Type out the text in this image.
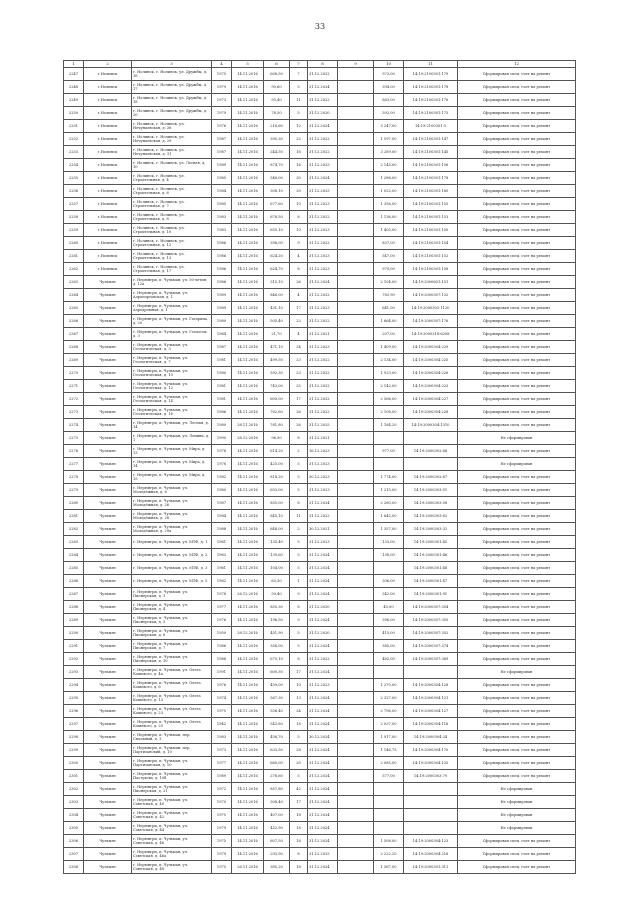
33
1	2	3	4	5	6	7	8	9	10	11	12
2247	г.Нолинск	г. Нолинск, г. Нолинск, ул. Дружбы, д. 16	1975	14.11.2016	608,50	7	31.12.2022		973,00	14:19:2100301:179	Сформирован спец. счет на ремонт
2248	г.Нолинск	г. Нолинск, г. Нолинск, ул. Дружбы, д. 17	1979	14.11.2016	90,60	5	31.12.2024		394,00	14:19:2100301:178	Сформирован спец. счет на ремонт
2249	г.Нолинск	г. Нолинск, г. Нолинск, ул. Дружбы, д. 18	1973	14.11.2016	95,40	11	31.12.2022		863,00	14:19:2100301:176	Сформирован спец. счет на ремонт
2250	г.Нолинск	г. Нолинск, г. Нолинск, ул. Дружбы, д. 20	1979	14.11.2016	78,50	5	31.12.2020		392,00	14:19:2100301:175	Сформирован спец. счет на ремонт
2251	г.Нолинск	г. Нолинск, г. Нолинск, ул. Нечунаевская, д. 26	1976	14.11.2016	218,60	12	31.12.2024		3 247,00	14:19:2100301:5	Сформирован спец. счет на ремонт
2252	г.Нолинск	г. Нолинск, г. Нолинск, ул. Нечунаевская, д. 29	1987	14.11.2016	395,30	22	31.12.2022		1 597,00	14:19:2100301:147	Сформирован спец. счет на ремонт
2253	г.Нолинск	г. Нолинск, г. Нолинск, ул. Нечунаевская, д. 31	1987	14.11.2016	244,50	16	31.12.2022		3 289,00	14:19:2100301:145	Сформирован спец. счет на ремонт
2254	г.Нолинск	г. Нолинск, г. Нолинск, ул. Лесная, д. 10	1989	14.11.2016	874,70	16	31.12.2025		2 145,00	14:19:2100301:156	Сформирован спец. счет на ремонт
2255	г.Нолинск	г. Нолинск, г. Нолинск, ул. Строительная, д. 4	1985	14.11.2016	546,00	30	31.12.2024		1 286,00	14:19:2100301:178	Сформирован спец. счет на ремонт
2256	г.Нолинск	г. Нолинск, г. Нолинск, ул. Строительная, д. 6	1984	14.11.2016	308,10	20	31.12.2025		1 022,00	14:19:2100301:180	Сформирован спец. счет на ремонт
2257	г.Нолинск	г. Нолинск, г. Нолинск, ул. Строительная, д. 7	1985	14.11.2016	677,60	10	31.12.2023		1 356,00	14:19:2100301:155	Сформирован спец. счет на ремонт
2258	г.Нолинск	г. Нолинск, г. Нолинск, ул. Строительная, д. 8	1983	14.11.2016	678,50	8	31.12.2022		1 136,00	14:19:2100301:153	Сформирован спец. счет на ремонт
2259	г.Нолинск	г. Нолинск, г. Нолинск, ул. Строительная, д. 10	1983	14.11.2016	655,10	10	31.12.2023		1 405,00	14:19:2100301:150	Сформирован спец. счет на ремонт
2260	г.Нолинск	г. Нолинск, г. Нолинск, ул. Строительная, д. 12	1986	14.11.2016	396,00	9	31.12.2022		837,00	14:19:2100301:154	Сформирован спец. счет на ремонт
2261	г.Нолинск	г. Нолинск, г. Нолинск, ул. Строительная, д. 13	1986	14.11.2016	624,20	4	31.12.2023		547,00	14:19:2100301:152	Сформирован спец. счет на ремонт
2262	г.Нолинск	г. Нолинск, г. Нолинск, ул. Строительная, д. 17	1986	14.11.2016	624,70	8	31.12.2023		979,00	14:19:2100301:158	Сформирован спец. счет на ремонт
2263	Чульмэн	г. Нерюнгри, п. Чульман, ул. 50-летия, д. 12а	1986	14.11.2016	315,10	26	31.12.2024		2 104,00	14:19:2000601:151	Сформирован спец. счет на ремонт
2264	Чульмэн	г. Нерюнгри, п. Чульман, ул. Аэропортовская, д. 1	1989	14.11.2016	846,00	4	31.12.2022		783,90	14:19:2000307:132	Сформирован спец. счет на ремонт
2265	Чульмэн	г. Нерюнгри, п. Чульман, ул. Аэродромная, д. 1	1989	14.11.2016	431,10	17	31.12.2023		641,00	14:19:2000301:1120	Сформирован спец. счет на ремонт
2266	Чульмэн	г. Нерюнгри, п. Чульман, ул. Гагарина, д. 20	1980	14.11.2016	505,40	22	31.12.2022		1 664,00	14:19:2000307:176	Сформирован спец. счет на ремонт
2267	Чульмэн	г. Нерюнгри, п. Чульман, ул. Геологов, д. 3	1964	14.11.2016	21,70	4	31.12.2021		207,00	14:19:2000318:6208	Сформирован спец. счет на ремонт
2268	Чульмэн	г. Нерюнгри, п. Чульман, ул. Геологическая, д. 3	1987	14.11.2016	471,10	24	31.12.2023		1 409,00	14:19:2000304:229	Сформирован спец. счет на ремонт
2269	Чульмэн	г. Нерюнгри, п. Чульман, ул. Геологическая, д. 7	1981	14.11.2016	499,50	23	31.12.2022		2 134,00	14:19:2000304:225	Сформирован спец. счет на ремонт
2270	Чульмэн	г. Нерюнгри, п. Чульман, ул. Геологическая, д. 10	1980	14.11.2016	592,30	23	31.12.2022		1 923,00	14:19:2000304:226	Сформирован спец. счет на ремонт
2271	Чульмэн	г. Нерюнгри, п. Чульман, ул. Геологическая, д. 12	1981	14.11.2016	743,00	25	31.12.2022		2 142,00	14:19:2000304:223	Сформирован спец. счет на ремонт
2272	Чульмэн	г. Нерюнгри, п. Чульман, ул. Геологическая, д. 14	1981	14.11.2016	600,00	17	31.12.2022		2 566,00	14:19:2000304:227	Сформирован спец. счет на ремонт
2273	Чульмэн	г. Нерюнгри, п. Чульман, ул. Геологическая, д. 16	1986	14.11.2016	762,60	26	31.12.2022		2 108,00	14:19:2000304:228	Сформирован спец. счет на ремонт
2274	Чульмэн	г. Нерюнгри, п. Чульман, ул. Лесная, д. 14	1980	28.11.2016	761,80	26	31.12.2025		1 184,20	14:19:2000304:1310	Сформирован спец. счет на ремонт
2275	Чульмэн	г. Нерюнгри, п. Чульман, ул. Ленина, д. 1	1990	28.12.2016	96,50	8	31.12.2021				Не сформирован
2276	Чульмэн	г. Нерюнгри, п. Чульман, ул. Мира, д. 13	1978	14.11.2016	614,20	2	16.12.2023		977,00	14:19:2000302:68	Сформирован спец. счет на ремонт
2277	Чульмэн	г. Нерюнгри, п. Чульман, ул. Мира, д. 14	1978	14.11.2016	425,00	5	31.12.2023				Не сформирован
2278	Чульмэн	г. Нерюнгри, п. Чульман, ул. Мира, д. 15	1982	14.11.2016	818,20	5	30.12.2023		1 774,00	14:19:2000302:67	Сформирован спец. счет на ремонт
2279	Чульмэн	г. Нерюнгри, п. Чульман, ул. Молодёжная, д. 6	1980	14.11.2016	653,00	5	31.12.2023		1 215,00	14:19:2000303:51	Сформирован спец. счет на ремонт
2280	Чульмэн	г. Нерюнгри, п. Чульман, ул. Молодёжная, д. 26	1987	14.11.2016	855,00	8	31.12.2024		2 260,00	14:19:2000303:58	Сформирован спец. счет на ремонт
2281	Чульмэн	г. Нерюнгри, п. Чульман, ул. Молодёжная, д. 28	1984	14.11.2016	845,10	11	31.12.2022		1 645,00	14:19:2000303:62	Сформирован спец. счет на ремонт
2282	Чульмэн	г. Нерюнгри, п. Чульман, ул. Молодёжная, д. 29а	1988	14.11.2016	648,00	2	30.12.2021		1 357,00	14:19:2000303:32	Сформирован спец. счет на ремонт
2283	Чульмэн	г. Нерюнгри, п. Чульман, ул. МТФ, д. 1	1961	14.11.2016	135,40	5	31.12.2023		133,00	14:19:2000301:45	Сформирован спец. счет на ремонт
2284	Чульмэн	г. Нерюнгри, п. Чульман, ул. МТФ, д. 2	1963	14.11.2016	139,60	5	31.12.2024		138,00	14:19:2000301:46	Сформирован спец. счет на ремонт
2285	Чульмэн	г. Нерюнгри, п. Чульман, ул. МТФ, д. 3	1961	14.11.2016	104,00	5	31.12.2024			14:19:2000301:48	Сформирован спец. счет на ремонт
2286	Чульмэн	г. Нерюнгри, п. Чульман, ул. МТФ, д. 5	1962	14.11.2016	63,30	1	31.12.2024		306,00	14:19:2000301:47	Сформирован спец. счет на ремонт
2287	Чульмэн	г. Нерюнгри, п. Чульман, ул. Пионерская, д. 1	1978	26.12.2016	50,40	9	31.12.2024		342,00	14:19:2000301:91	Сформирован спец. счет на ремонт
2288	Чульмэн	г. Нерюнгри, п. Чульман, ул. Пионерская, д. 4	1977	14.11.2016	855,30	8	31.12.2020		40,00	14:19:2000307:354	Сформирован спец. счет на ремонт
2289	Чульмэн	г. Нерюнгри, п. Чульман, ул. Пионерская, д. 5	1976	14.11.2016	196,50	9	31.12.2024		396,00	14:19:2000307:355	Сформирован спец. счет на ремонт
2290	Чульмэн	г. Нерюнгри, п. Чульман, ул. Пионерская, д. 6	1950	28.12.2016	451,90	5	31.12.2020		415,00	14:19:2000307:352	Сформирован спец. счет на ремонт
2291	Чульмэн	г. Нерюнгри, п. Чульман, ул. Пионерская, д. 7	1986	14.11.2016	356,00	5	31.12.2024		385,00	14:19:2000307:374	Сформирован спец. счет на ремонт
2292	Чульмэн	г. Нерюнгри, п. Чульман, ул. Пионерская, д. 10	1988	14.11.2016	675,10	8	31.12.2022		482,00	14:19:2000307:369	Сформирован спец. счет на ремонт
2293	Чульмэн	г. Нерюнгри, п. Чульман, ул. Олега Кошевого, д. 4а	1991	14.11.2016	600,50	17	31.12.2024				Не сформирован
2294	Чульмэн	г. Нерюнгри, п. Чульман, ул. Олега Кошевого, д. 6	1976	14.11.2016	459,00	10	31.12.2023		1 270,00	14:19:2000304:128	Сформирован спец. счет на ремонт
2295	Чульмэн	г. Нерюнгри, п. Чульман, ул. Олега Кошевого, д. 13	1974	14.11.2016	567,30	13	31.12.2024		2 327,00	14:19:2000304:121	Сформирован спец. счет на ремонт
2296	Чульмэн	г. Нерюнгри, п. Чульман, ул. Олега Кошевого, д. 23	1975	14.11.2016	556,40	24	31.12.2024		2 796,00	14:19:2000304:127	Сформирован спец. счет на ремонт
2297	Чульмэн	г. Нерюнгри, п. Чульман, ул. Олега Кошевого, д. 25	1942	14.11.2016	543,80	18	31.12.2024		2 037,00	14:19:2000304:116	Сформирован спец. счет на ремонт
2298	Чульмэн	г. Нерюнгри, п. Чульман, пер. Спальный, д. 1	1983	14.11.2016	456,70	5	30.12.2024		1 917,00	14:19:2000304:34	Сформирован спец. счет на ремонт
2299	Чульмэн	г. Нерюнгри, п. Чульман, пер. Партизанский, д. 10	1973	14.11.2016	633,50	28	31.12.2024		1 146,75	14:19:2000304:170	Сформирован спец. счет на ремонт
2300	Чульмэн	г. Нерюнгри, п. Чульман, ул. Партизанская, д. 10	1977	14.11.2016	660,00	20	31.12.2024		2 085,00	14:19:2000304:135	Сформирован спец. счет на ремонт
2301	Чульмэн	г. Нерюнгри, п. Чульман, ул. Пастухова, д. 10б	1989	14.11.2016	278,60	5	31.12.2024		577,00	14:19:2000303:79	Сформирован спец. счет на ремонт
2302	Чульмэн	г. Нерюнгри, п. Чульман, ул. Пионерская, д. 21	1972	14.11.2016	857,80	42	31.12.2024				Не сформирован
2303	Чульмэн	г. Нерюнгри, п. Чульман, ул. Советская, д. 40	1970	14.11.2016	308,40	17	31.12.2024				Не сформирован
2304	Чульмэн	г. Нерюнгри, п. Чульман, ул. Советская, д. 42	1975	14.11.2016	407,00	18	31.12.2024				Не сформирован
2305	Чульмэн	г. Нерюнгри, п. Чульман, ул. Советская, д. 44	1979	14.11.2016	452,90	18	31.12.2024				Не сформирован
2306	Чульмэн	г. Нерюнгри, п. Чульман, ул. Советская, д. 46	1975	14.11.2016	607,50	18	31.12.2024		1 508,00	14:19:2000304:123	Сформирован спец. счет на ремонт
2307	Чульмэн	г. Нерюнгри, п. Чульман, ул. Советская, д. 46а	1979	14.11.2016	293,90	8	31.12.2025		2 222,20	14:19:2000304:216	Сформирован спец. счет на ремонт
2308	Чульмэн	г. Нерюнгри, п. Чульман, ул. Советская, д. 48	1975	26.11.2016	385,20	18	31.12.2024		1 567,00	14:19:2000301:311	Сформирован спец. счет на ремонт
